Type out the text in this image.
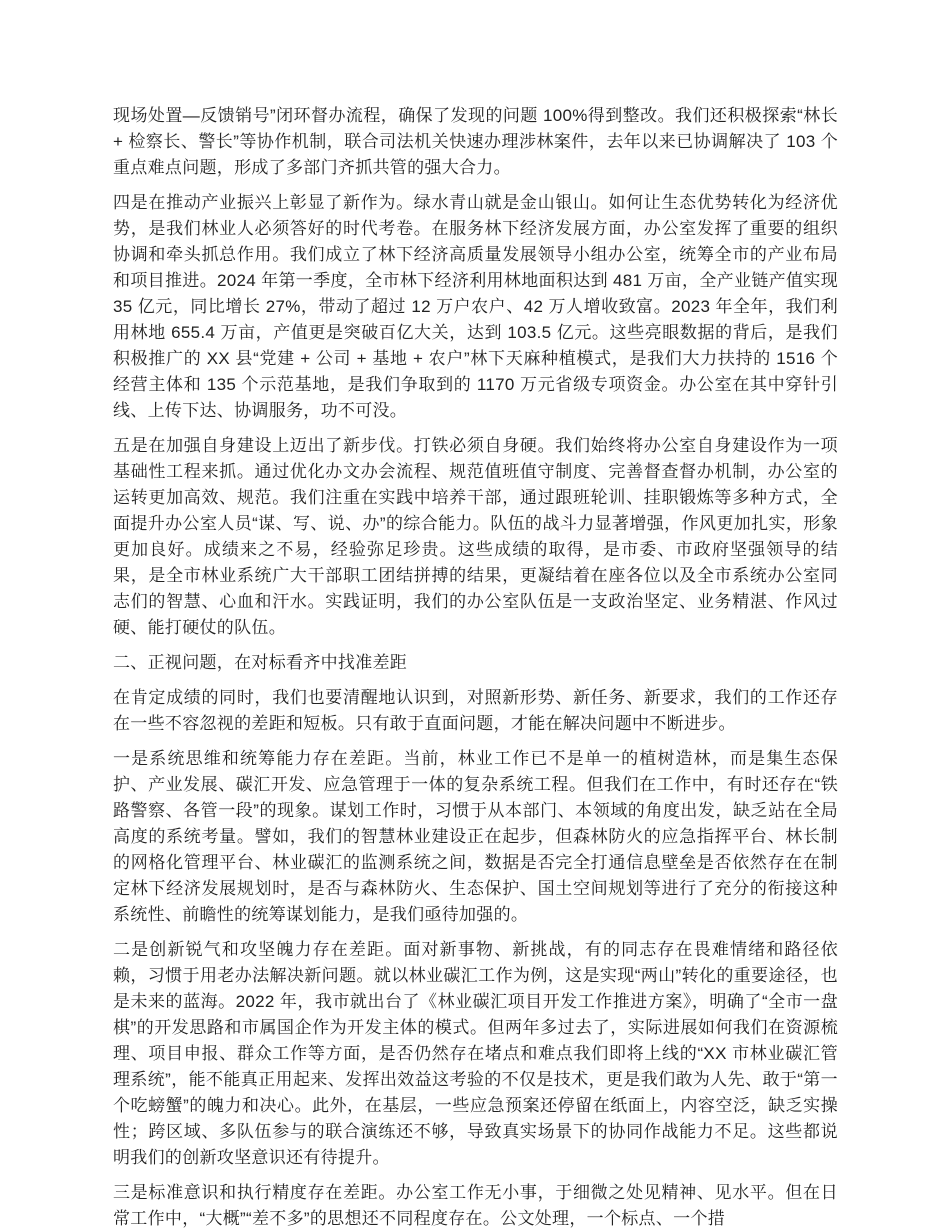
现场处置—反馈销号”闭环督办流程，确保了发现的问题 100%得到整改。我们还积极探索“林长 + 检察长、警长”等协作机制，联合司法机关快速办理涉林案件，去年以来已协调解决了 103 个重点难点问题，形成了多部门齐抓共管的强大合力。

四是在推动产业振兴上彰显了新作为。绿水青山就是金山银山。如何让生态优势转化为经济优势，是我们林业人必须答好的时代考卷。在服务林下经济发展方面，办公室发挥了重要的组织协调和牵头抓总作用。我们成立了林下经济高质量发展领导小组办公室，统筹全市的产业布局和项目推进。2024 年第一季度，全市林下经济利用林地面积达到 481 万亩，全产业链产值实现 35 亿元，同比增长 27%，带动了超过 12 万户农户、42 万人增收致富。2023 年全年，我们利用林地 655.4 万亩，产值更是突破百亿大关，达到 103.5 亿元。这些亮眼数据的背后，是我们积极推广的 XX 县“党建 + 公司 + 基地 + 农户”林下天麻种植模式，是我们大力扶持的 1516 个经营主体和 135 个示范基地，是我们争取到的 1170 万元省级专项资金。办公室在其中穿针引线、上传下达、协调服务，功不可没。

五是在加强自身建设上迈出了新步伐。打铁必须自身硬。我们始终将办公室自身建设作为一项基础性工程来抓。通过优化办文办会流程、规范值班值守制度、完善督查督办机制，办公室的运转更加高效、规范。我们注重在实践中培养干部，通过跟班轮训、挂职锻炼等多种方式，全面提升办公室人员“谋、写、说、办”的综合能力。队伍的战斗力显著增强，作风更加扎实，形象更加良好。成绩来之不易，经验弥足珍贵。这些成绩的取得，是市委、市政府坚强领导的结果，是全市林业系统广大干部职工团结拼搏的结果，更凝结着在座各位以及全市系统办公室同志们的智慧、心血和汗水。实践证明，我们的办公室队伍是一支政治坚定、业务精湛、作风过硬、能打硬仗的队伍。

二、正视问题，在对标看齐中找准差距

在肯定成绩的同时，我们也要清醒地认识到，对照新形势、新任务、新要求，我们的工作还存在一些不容忽视的差距和短板。只有敢于直面问题，才能在解决问题中不断进步。

一是系统思维和统筹能力存在差距。当前，林业工作已不是单一的植树造林，而是集生态保护、产业发展、碳汇开发、应急管理于一体的复杂系统工程。但我们在工作中，有时还存在“铁路警察、各管一段”的现象。谋划工作时，习惯于从本部门、本领域的角度出发，缺乏站在全局高度的系统考量。譬如，我们的智慧林业建设正在起步，但森林防火的应急指挥平台、林长制的网格化管理平台、林业碳汇的监测系统之间，数据是否完全打通信息壁垒是否依然存在在制定林下经济发展规划时，是否与森林防火、生态保护、国土空间规划等进行了充分的衔接这种系统性、前瞻性的统筹谋划能力，是我们亟待加强的。

二是创新锐气和攻坚魄力存在差距。面对新事物、新挑战，有的同志存在畏难情绪和路径依赖，习惯于用老办法解决新问题。就以林业碳汇工作为例，这是实现“两山”转化的重要途径，也是未来的蓝海。2022 年，我市就出台了《林业碳汇项目开发工作推进方案》，明确了“全市一盘棋”的开发思路和市属国企作为开发主体的模式。但两年多过去了，实际进展如何我们在资源梳理、项目申报、群众工作等方面，是否仍然存在堵点和难点我们即将上线的“XX 市林业碳汇管理系统”，能不能真正用起来、发挥出效益这考验的不仅是技术，更是我们敢为人先、敢于“第一个吃螃蟹”的魄力和决心。此外，在基层，一些应急预案还停留在纸面上，内容空泛，缺乏实操性；跨区域、多队伍参与的联合演练还不够，导致真实场景下的协同作战能力不足。这些都说明我们的创新攻坚意识还有待提升。

三是标准意识和执行精度存在差距。办公室工作无小事，于细微之处见精神、见水平。但在日常工作中，“大概”“差不多”的思想还不同程度存在。公文处理，一个标点、一个措
